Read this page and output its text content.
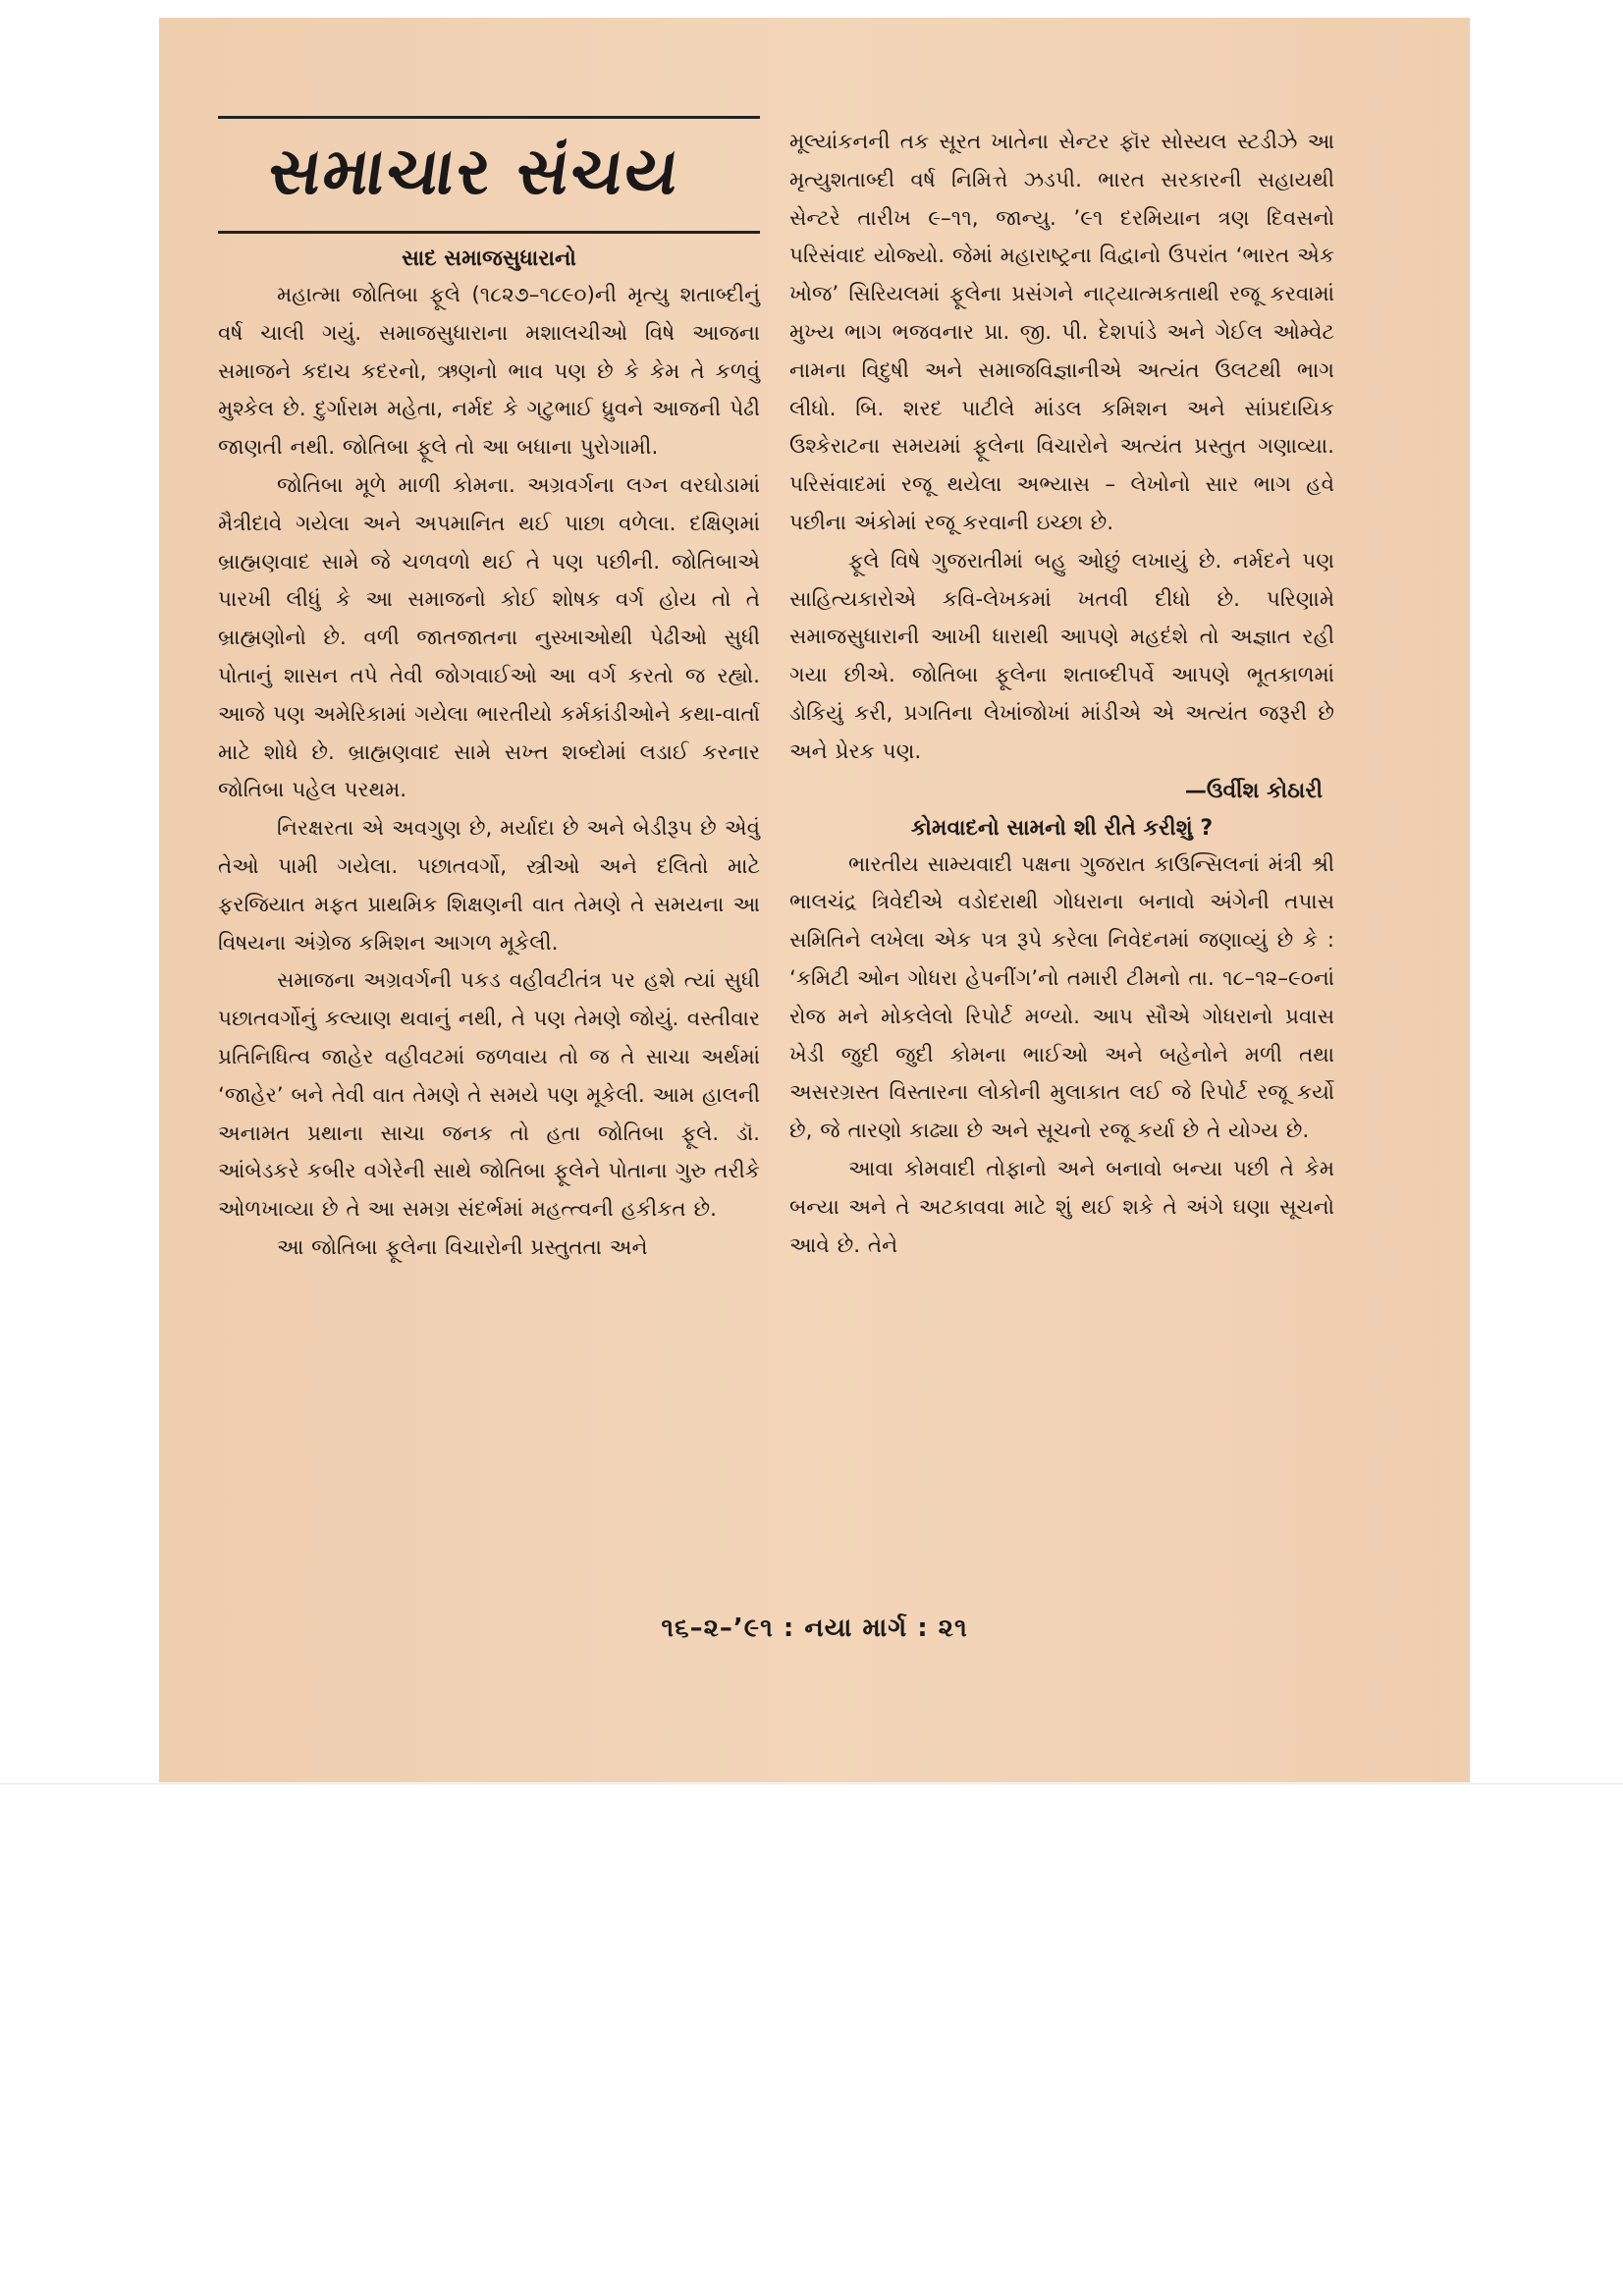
સમાચાર સંચય

સાદ સમાજસુધારાનો

મહાત્મા જોતિબા ફૂલે (૧૮૨૭–૧૮૯૦)ની મૃત્યુ શતાબ્દીનું વર્ષ ચાલી ગયું. સમાજસુધારાના મશાલચીઓ વિષે આજના સમાજને કદાચ કદરનો, ઋણનો ભાવ પણ છે કે કેમ તે કળવું મુશ્કેલ છે. દુર્ગારામ મહેતા, નર્મદ કે ગટુભાઈ ધ્રુવને આજની પેઢી જાણતી નથી. જોતિબા ફૂલે તો આ બધાના પુરોગામી.

જોતિબા મૂળે માળી કોમના. અગ્રવર્ગના લગ્ન વરઘોડામાં મૈત્રીદાવે ગયેલા અને અપમાનિત થઈ પાછા વળેલા. દક્ષિણમાં બ્રાહ્મણવાદ સામે જે ચળવળો થઈ તે પણ પછીની. જોતિબાએ પારખી લીધું કે આ સમાજનો કોઈ શોષક વર્ગ હોય તો તે બ્રાહ્મણોનો છે. વળી જાતજાતના નુસ્ખાઓથી પેઢીઓ સુધી પોતાનું શાસન તપે તેવી જોગવાઈઓ આ વર્ગ કરતો જ રહ્યો. આજે પણ અમેરિકામાં ગયેલા ભારતીયો કર્મકાંડીઓને કથા-વાર્તા માટે શોધે છે. બ્રાહ્મણવાદ સામે સખ્ત શબ્દોમાં લડાઈ કરનાર જોતિબા પહેલ પરથમ.

નિરક્ષરતા એ અવગુણ છે, મર્યાદા છે અને બેડીરૂપ છે એવું તેઓ પામી ગયેલા. પછાતવર્ગો, સ્ત્રીઓ અને દલિતો માટે ફરજિયાત મફત પ્રાથમિક શિક્ષણની વાત તેમણે તે સમયના આ વિષયના અંગ્રેજ કમિશન આગળ મૂકેલી.

સમાજના અગ્રવર્ગની પકડ વહીવટીતંત્ર પર હશે ત્યાં સુધી પછાતવર્ગોનું કલ્યાણ થવાનું નથી, તે પણ તેમણે જોયું. વસ્તીવાર પ્રતિનિધિત્વ જાહેર વહીવટમાં જળવાય તો જ તે સાચા અર્થમાં ‘જાહેર’ બને તેવી વાત તેમણે તે સમયે પણ મૂકેલી. આમ હાલની અનામત પ્રથાના સાચા જનક તો હતા જોતિબા ફૂલે. ડૉ. આંબેડકરે કબીર વગેરેની સાથે જોતિબા ફૂલેને પોતાના ગુરુ તરીકે ઓળખાવ્યા છે તે આ સમગ્ર સંદર્ભમાં મહત્ત્વની હકીકત છે.

આ જોતિબા ફૂલેના વિચારોની પ્રસ્તુતતા અને

મૂલ્યાંકનની તક સૂરત ખાતેના સેન્ટર ફૉર સોસ્યલ સ્ટડીઝે આ મૃત્યુશતાબ્દી વર્ષ નિમિત્તે ઝડપી. ભારત સરકારની સહાયથી સેન્ટરે તારીખ ૯–૧૧, જાન્યુ. ’૯૧ દરમિયાન ત્રણ દિવસનો પરિસંવાદ યોજ્યો. જેમાં મહારાષ્ટ્રના વિદ્વાનો ઉપરાંત ‘ભારત એક ખોજ’ સિરિયલમાં ફૂલેના પ્રસંગને નાટ્યાત્મકતાથી રજૂ કરવામાં મુખ્ય ભાગ ભજવનાર પ્રા. જી. પી. દેશપાંડે અને ગેઈલ ઓમ્વેટ નામના વિદુષી અને સમાજવિજ્ઞાનીએ અત્યંત ઉલટથી ભાગ લીધો. બિ. શરદ પાટીલે માંડલ કમિશન અને સાંપ્રદાયિક ઉશ્કેરાટના સમયમાં ફૂલેના વિચારોને અત્યંત પ્રસ્તુત ગણાવ્યા. પરિસંવાદમાં રજૂ થયેલા અભ્યાસ – લેખોનો સાર ભાગ હવે પછીના અંકોમાં રજૂ કરવાની ઇચ્છા છે.

ફૂલે વિષે ગુજરાતીમાં બહુ ઓછું લખાયું છે. નર્મદને પણ સાહિત્યકારોએ કવિ-લેખકમાં ખતવી દીધો છે. પરિણામે સમાજસુધારાની આખી ધારાથી આપણે મહદંશે તો અજ્ઞાત રહી ગયા છીએ. જોતિબા ફૂલેના શતાબ્દીપર્વે આપણે ભૂતકાળમાં ડોકિયું કરી, પ્રગતિના લેખાંજોખાં માંડીએ એ અત્યંત જરૂરી છે અને પ્રેરક પણ.

—ઉર્વીશ કોઠારી

કોમવાદનો સામનો શી રીતે કરીશું ?

ભારતીય સામ્યવાદી પક્ષના ગુજરાત કાઉન્સિલનાં મંત્રી શ્રી ભાલચંદ્ર ત્રિવેદીએ વડોદરાથી ગોધરાના બનાવો અંગેની તપાસ સમિતિને લખેલા એક પત્ર રૂપે કરેલા નિવેદનમાં જણાવ્યું છે કે : ‘કમિટી ઓન ગોધરા હેપનીંગ’નો તમારી ટીમનો તા. ૧૮–૧૨–૯૦નાં રોજ મને મોકલેલો રિપોર્ટ મળ્યો. આપ સૌએ ગોધરાનો પ્રવાસ ખેડી જુદી જુદી કોમના ભાઈઓ અને બહેનોને મળી તથા અસરગ્રસ્ત વિસ્તારના લોકોની મુલાકાત લઈ જે રિપોર્ટ રજૂ કર્યો છે, જે તારણો કાઢ્યા છે અને સૂચનો રજૂ કર્યા છે તે યોગ્ય છે.

આવા કોમવાદી તોફાનો અને બનાવો બન્યા પછી તે કેમ બન્યા અને તે અટકાવવા માટે શું થઈ શકે તે અંગે ઘણા સૂચનો આવે છે. તેને

૧૬–૨–’૯૧ : નયા માર્ગ : ૨૧
